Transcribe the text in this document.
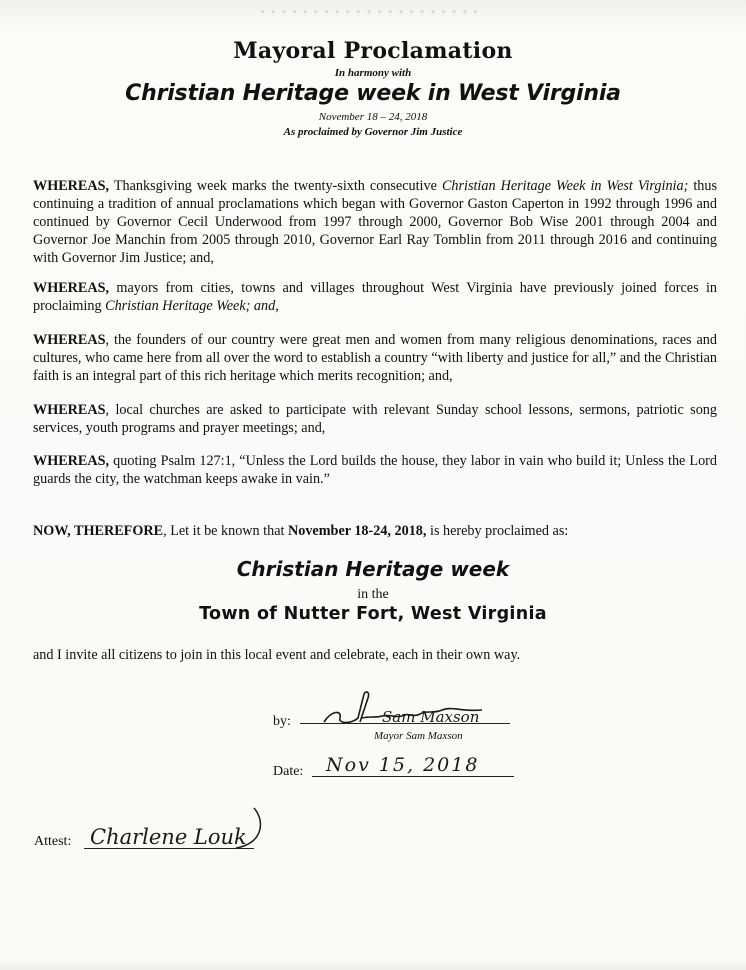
▪ ▪ ▪ ▪ ▪ ▪ ▪ ▪ ▪ ▪ ▪ ▪ ▪ ▪ ▪ ▪ ▪ ▪ ▪ ▪ ▪
Mayoral Proclamation
In harmony with
Christian Heritage week in West Virginia
November 18 – 24, 2018
As proclaimed by Governor Jim Justice
WHEREAS, Thanksgiving week marks the twenty-sixth consecutive Christian Heritage Week in West Virginia; thus continuing a tradition of annual proclamations which began with Governor Gaston Caperton in 1992 through 1996 and continued by Governor Cecil Underwood from 1997 through 2000, Governor Bob Wise 2001 through 2004 and Governor Joe Manchin from 2005 through 2010, Governor Earl Ray Tomblin from 2011 through 2016 and continuing with Governor Jim Justice; and,
WHEREAS, mayors from cities, towns and villages throughout West Virginia have previously joined forces in proclaiming Christian Heritage Week; and,
WHEREAS, the founders of our country were great men and women from many religious denominations, races and cultures, who came here from all over the word to establish a country “with liberty and justice for all,” and the Christian faith is an integral part of this rich heritage which merits recognition; and,
WHEREAS, local churches are asked to participate with relevant Sunday school lessons, sermons, patriotic song services, youth programs and prayer meetings; and,
WHEREAS, quoting Psalm 127:1, “Unless the Lord builds the house, they labor in vain who build it; Unless the Lord guards the city, the watchman keeps awake in vain.”
NOW, THEREFORE, Let it be known that November 18-24, 2018, is hereby proclaimed as:
Christian Heritage week
in the
Town of Nutter Fort, West Virginia
and I invite all citizens to join in this local event and celebrate, each in their own way.
by:	Sam Maxson
Mayor Sam Maxson
Date: Nov 15, 2018
Attest: Charlene Louk
